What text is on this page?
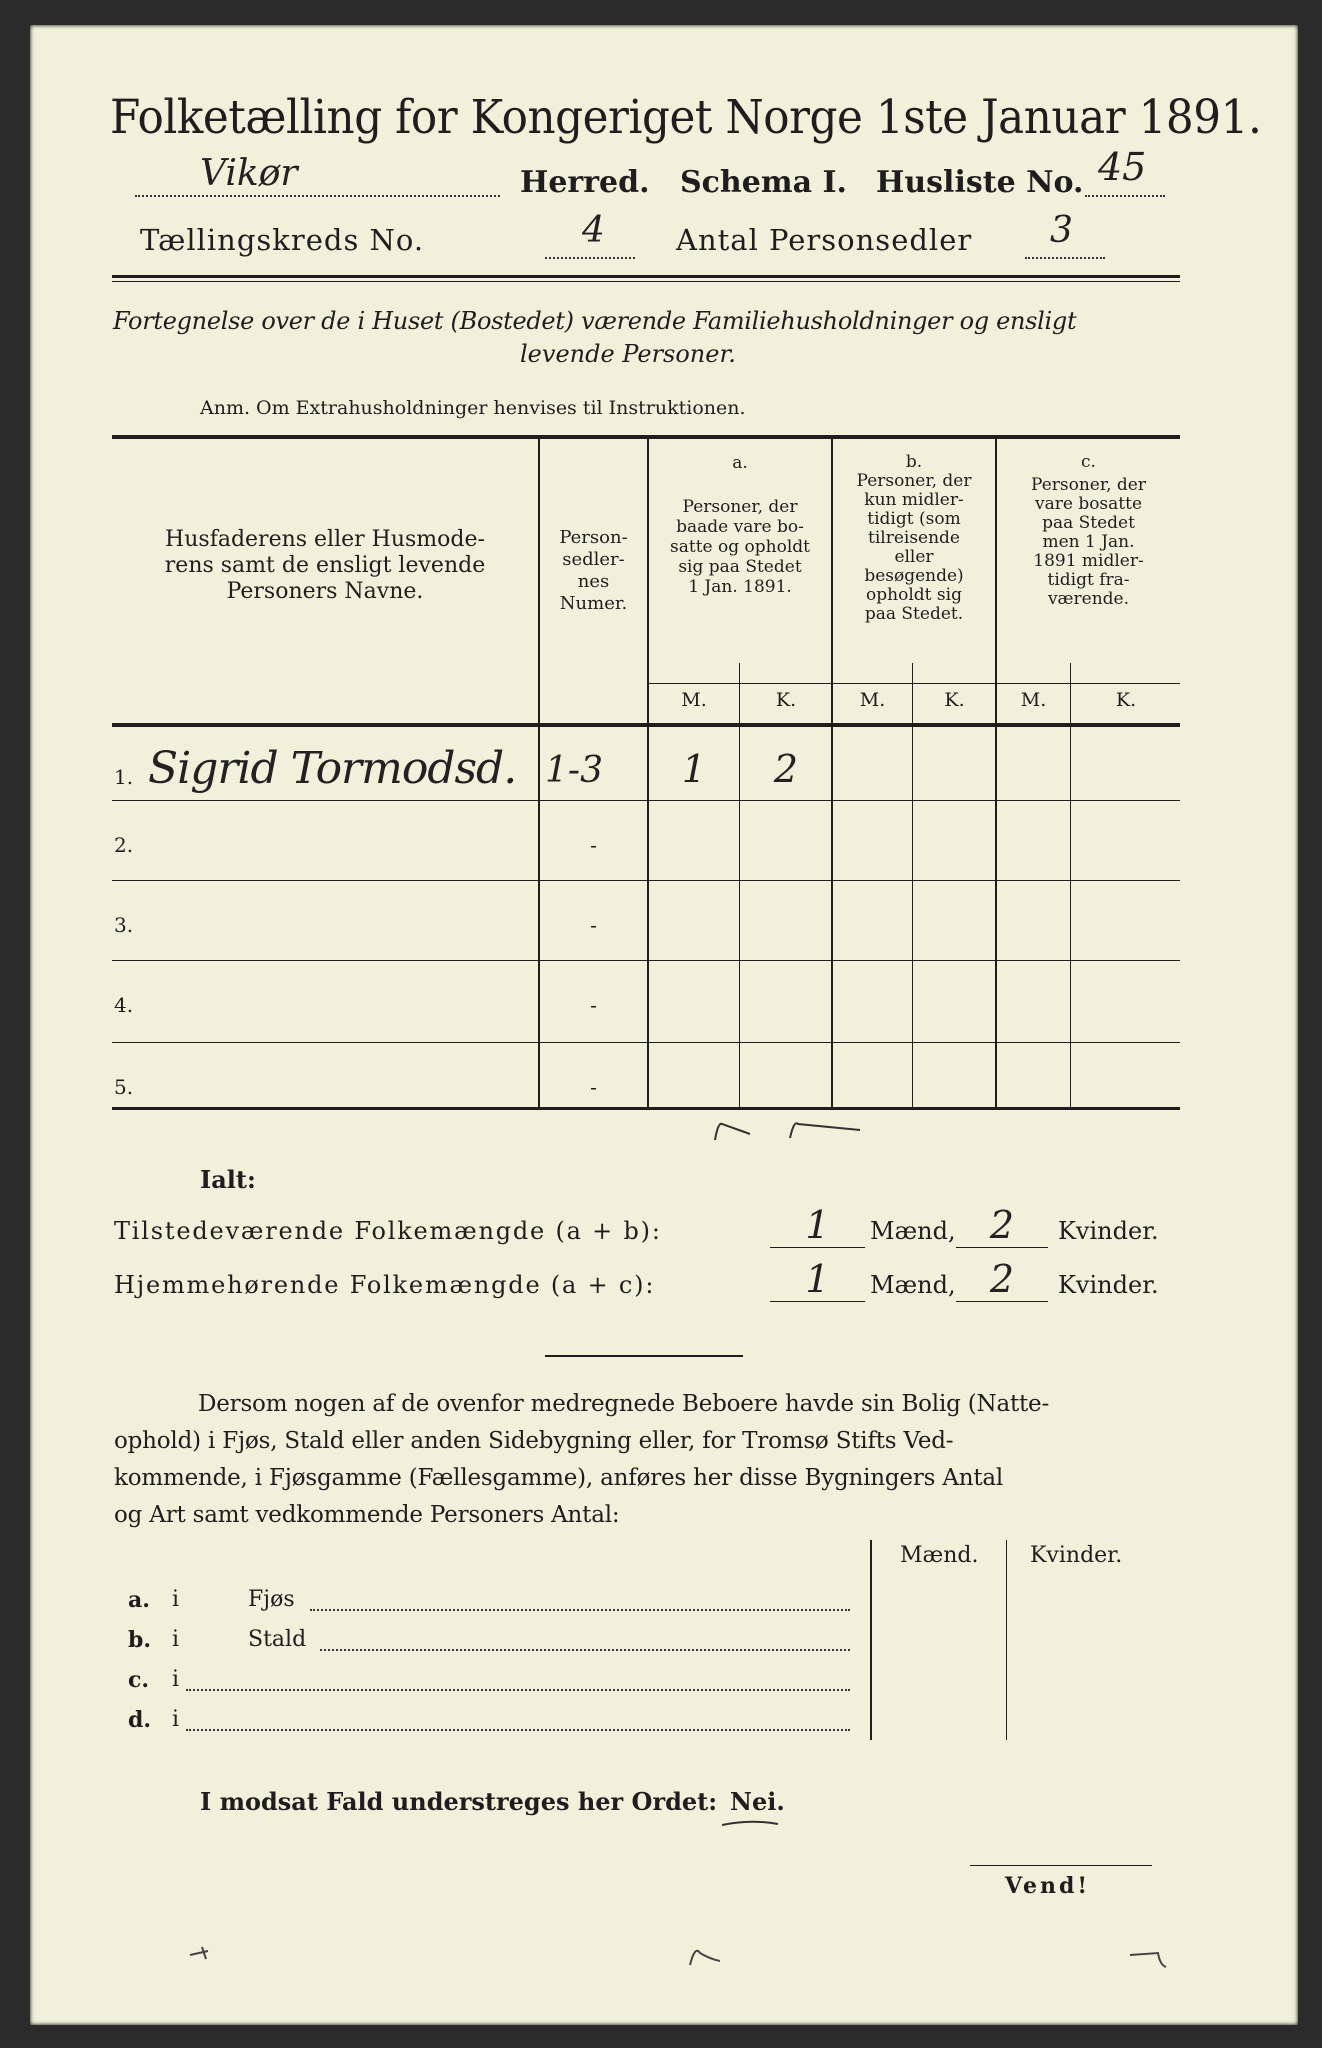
Folketælling for Kongeriget Norge 1ste Januar 1891.
Vikør	Herred. Schema I. Husliste No. 45
Tællingskreds No.	4 Antal Personsedler 3
Fortegnelse over de i Huset (Bostedet) værende Familiehusholdninger og ensligt
levende Personer.
Anm. Om Extrahusholdninger henvises til Instruktionen.
Husfaderens eller Husmode-
rens samt de ensligt levende
Personers Navne.
Person-
sedler-
nes
Numer.
a.
Personer, der
baade vare bo-
satte og opholdt
sig paa Stedet
1 Jan. 1891.
b.
Personer, der
kun midler-
tidigt (som
tilreisende
eller
besøgende)
opholdt sig
paa Stedet.
c.
Personer, der
vare bosatte
paa Stedet
men 1 Jan.
1891 midler-
tidigt fra-
værende.
M.	K.	M.	K.	M.	K.
1. Sigrid Tormodsd. 1-3	1	2
2.	-
3.	-
4.	-
5.	-
Ialt:
Tilstedeværende Folkemængde (a + b):	1	Mænd, 2	Kvinder.
Hjemmehørende Folkemængde (a + c):	1	Mænd, 2	Kvinder.
Dersom nogen af de ovenfor medregnede Beboere havde sin Bolig (Natte-
ophold) i Fjøs, Stald eller anden Sidebygning eller, for Tromsø Stifts Ved-
kommende, i Fjøsgamme (Fællesgamme), anføres her disse Bygningers Antal
og Art samt vedkommende Personers Antal:
Mænd. Kvinder.
a. i	Fjøs
b. i	Stald
c. i
d. i
I modsat Fald understreges her Ordet: Nei.
Vend!
